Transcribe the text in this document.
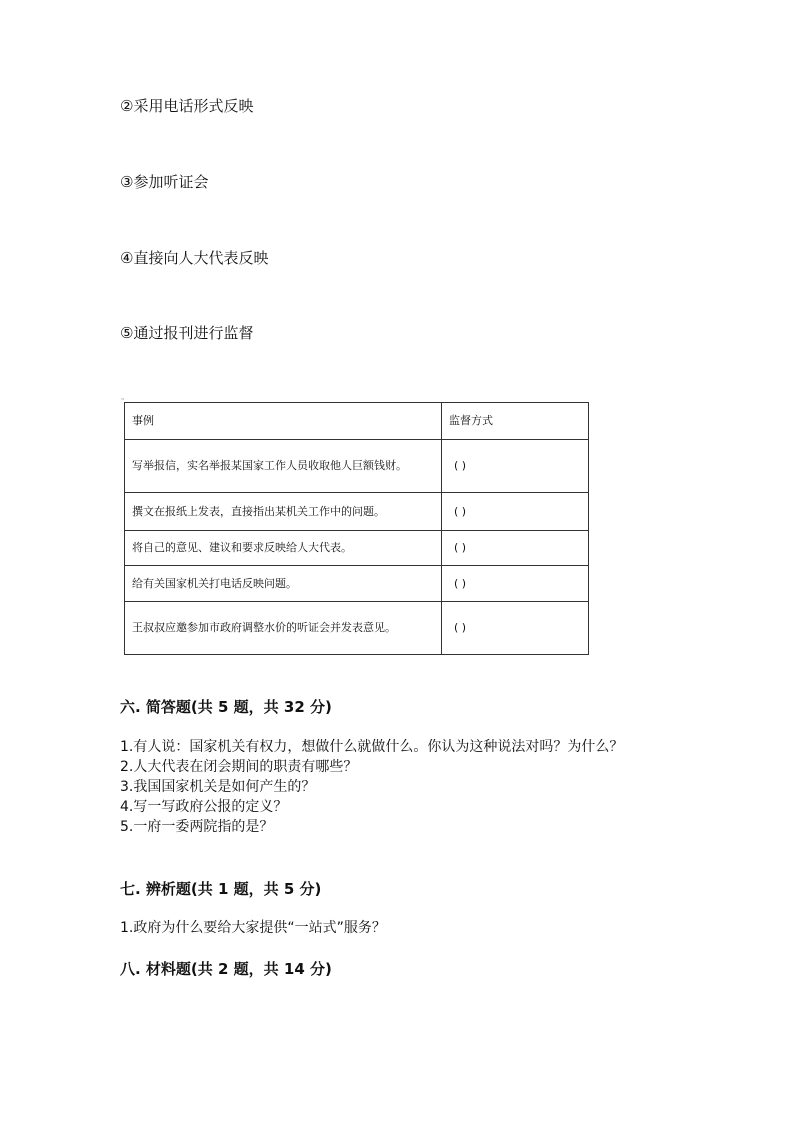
②采用电话形式反映
③参加听证会
④直接向人大代表反映
⑤通过报刊进行监督
"
事例	监督方式
写举报信，实名举报某国家工作人员收取他人巨额钱财。	( )
撰文在报纸上发表，直接指出某机关工作中的问题。	( )
将自己的意见、建议和要求反映给人大代表。	( )
给有关国家机关打电话反映问题。	( )
王叔叔应邀参加市政府调整水价的听证会并发表意见。	( )
六. 简答题(共 5 题，共 32 分)

1.有人说：国家机关有权力，想做什么就做什么。你认为这种说法对吗？为什么？

2.人大代表在闭会期间的职责有哪些？

3.我国国家机关是如何产生的？

4.写一写政府公报的定义？

5.一府一委两院指的是？

七. 辨析题(共 1 题，共 5 分)

1.政府为什么要给大家提供“一站式”服务？

八. 材料题(共 2 题，共 14 分)
